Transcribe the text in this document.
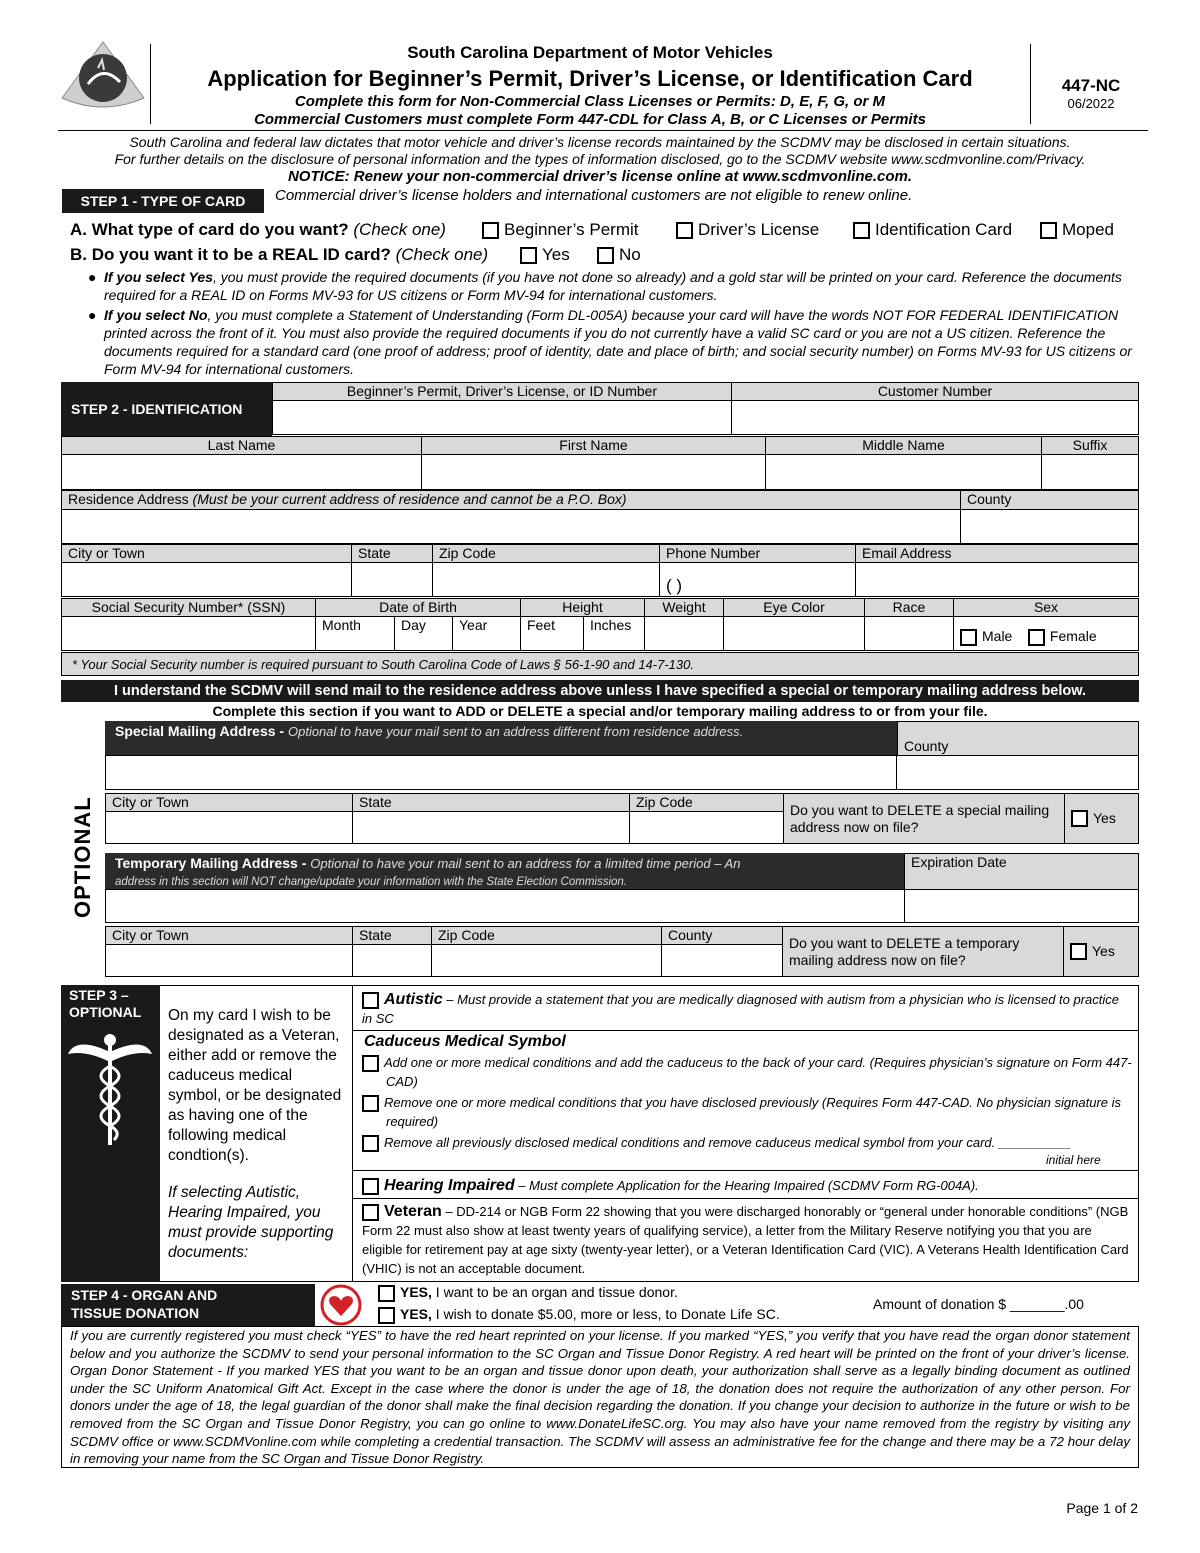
South Carolina Department of Motor Vehicles
Application for Beginner’s Permit, Driver’s License, or Identification Card
Complete this form for Non-Commercial Class Licenses or Permits: D, E, F, G, or M
Commercial Customers must complete Form 447-CDL for Class A, B, or C Licenses or Permits
447-NC
06/2022
South Carolina and federal law dictates that motor vehicle and driver’s license records maintained by the SCDMV may be disclosed in certain situations.
For further details on the disclosure of personal information and the types of information disclosed, go to the SCDMV website www.scdmvonline.com/Privacy.
NOTICE: Renew your non-commercial driver’s license online at www.scdmvonline.com.
STEP 1 - TYPE OF CARD	Commercial driver’s license holders and international customers are not eligible to renew online.
A. What type of card do you want? (Check one)	Beginner’s Permit	Driver’s License	Identification Card	Moped
B. Do you want it to be a REAL ID card? (Check one)	Yes	No
● If you select Yes, you must provide the required documents (if you have not done so already) and a gold star will be printed on your card. Reference the documents required for a REAL ID on Forms MV-93 for US citizens or Form MV-94 for international customers.
● If you select No, you must complete a Statement of Understanding (Form DL-005A) because your card will have the words NOT FOR FEDERAL IDENTIFICATION printed across the front of it. You must also provide the required documents if you do not currently have a valid SC card or you are not a US citizen. Reference the documents required for a standard card (one proof of address; proof of identity, date and place of birth; and social security number) on Forms MV-93 for US citizens or Form MV-94 for international customers.
STEP 2 - IDENTIFICATION
Beginner’s Permit, Driver’s License, or ID Number	Customer Number

Last Name	First Name	Middle Name	Suffix

Residence Address (Must be your current address of residence and cannot be a P.O. Box)	County

City or Town	State	Zip Code	Phone Number	Email Address
			( )	
Social Security Number* (SSN)	Date of Birth			Height		Weight	Eye Color	Race	Sex
	Month	Day	Year	Feet	Inches				Male Female
* Your Social Security number is required pursuant to South Carolina Code of Laws § 56-1-90 and 14-7-130.
I understand the SCDMV will send mail to the residence address above unless I have specified a special or temporary mailing address below.
Complete this section if you want to ADD or DELETE a special and/or temporary mailing address to or from your file.
OPTIONAL
Special Mailing Address - Optional to have your mail sent to an address different from residence address.
County

City or Town	State	Zip Code	Do you want to DELETE a special mailing address now on file?	Yes

Temporary Mailing Address - Optional to have your mail sent to an address for a limited time period – An
address in this section will NOT change/update your information with the State Election Commission.
Expiration Date

City or Town	State	Zip Code	County	Do you want to DELETE a temporary mailing address now on file?	Yes

STEP 3 –
OPTIONAL	On my card I wish to be designated as a Veteran, either add or remove the caduceus medical symbol, or be designated as having one of the following medical condtion(s).
If selecting Autistic, Hearing Impaired, you must provide supporting documents:
Autistic – Must provide a statement that you are medically diagnosed with autism from a physician who is licensed to practice in SC
Caduceus Medical Symbol
Add one or more medical conditions and add the caduceus to the back of your card. (Requires physician’s signature on Form 447-CAD)
Remove one or more medical conditions that you have disclosed previously (Requires Form 447-CAD. No physician signature is required)
Remove all previously disclosed medical conditions and remove caduceus medical symbol from your card. __________
initial here
Hearing Impaired – Must complete Application for the Hearing Impaired (SCDMV Form RG-004A).
Veteran – DD-214 or NGB Form 22 showing that you were discharged honorably or “general under honorable conditions” (NGB Form 22 must also show at least twenty years of qualifying service), a letter from the Military Reserve notifying you that you are eligible for retirement pay at age sixty (twenty-year letter), or a Veteran Identification Card (VIC). A Veterans Health Identification Card (VHIC) is not an acceptable document.
STEP 4 - ORGAN AND
TISSUE DONATION
YES, I want to be an organ and tissue donor.
YES, I wish to donate $5.00, more or less, to Donate Life SC.
Amount of donation $ _______.00
If you are currently registered you must check “YES” to have the red heart reprinted on your license. If you marked “YES,” you verify that you have read the organ donor statement below and you authorize the SCDMV to send your personal information to the SC Organ and Tissue Donor Registry. A red heart will be printed on the front of your driver’s license. Organ Donor Statement - If you marked YES that you want to be an organ and tissue donor upon death, your authorization shall serve as a legally binding document as outlined under the SC Uniform Anatomical Gift Act. Except in the case where the donor is under the age of 18, the donation does not require the authorization of any other person. For donors under the age of 18, the legal guardian of the donor shall make the final decision regarding the donation. If you change your decision to authorize in the future or wish to be removed from the SC Organ and Tissue Donor Registry, you can go online to www.DonateLifeSC.org. You may also have your name removed from the registry by visiting any SCDMV office or www.SCDMVonline.com while completing a credential transaction. The SCDMV will assess an administrative fee for the change and there may be a 72 hour delay in removing your name from the SC Organ and Tissue Donor Registry.
Page 1 of 2
